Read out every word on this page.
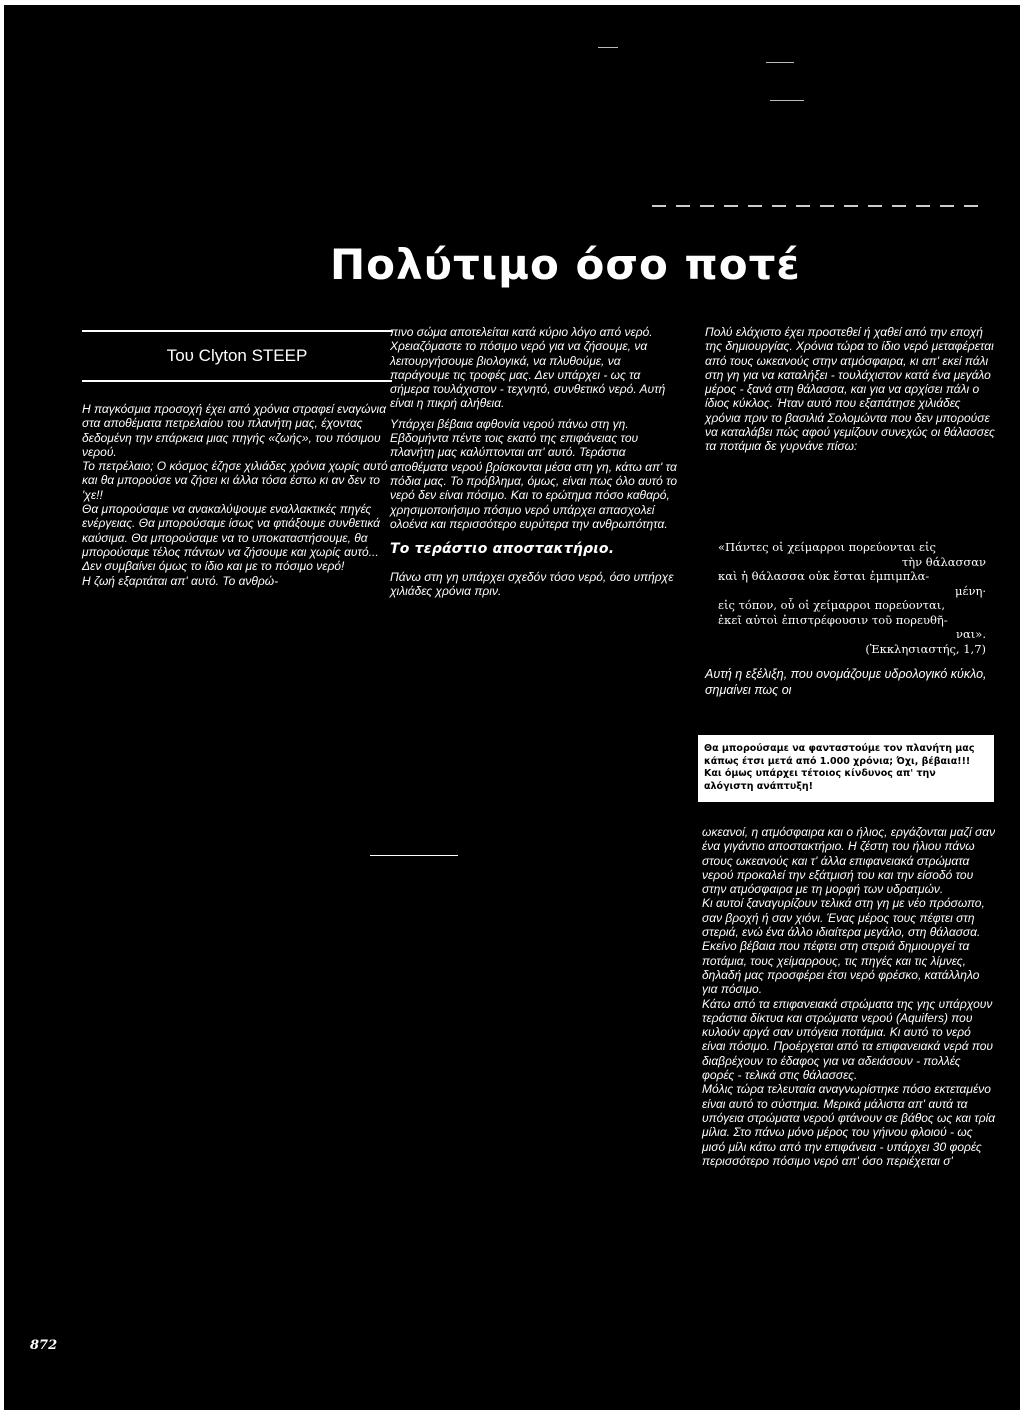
Πολύτιμο όσο ποτέ
Του Clyton STEEP

Η παγκόσμια προσοχή έχει από χρόνια στραφεί εναγώνια στα αποθέματα πετρελαίου του πλανήτη μας, έχοντας δεδομένη την επάρκεια μιας πηγής «ζωής», του πόσιμου νερού.

Το πετρέλαιο; Ο κόσμος έζησε χιλιάδες χρόνια χωρίς αυτό και θα μπορούσε να ζήσει κι άλλα τόσα έστω κι αν δεν το 'χε!!

Θα μπορούσαμε να ανακαλύψουμε εναλλακτικές πηγές ενέργειας. Θα μπορούσαμε ίσως να φτιάξουμε συνθετικά καύσιμα. Θα μπορούσαμε να το υποκαταστήσουμε, θα μπορούσαμε τέλος πάντων να ζήσουμε και χωρίς αυτό...

Δεν συμβαίνει όμως το ίδιο και με το πόσιμο νερό!

Η ζωή εξαρτάται απ' αυτό. Το ανθρώ-

πινο σώμα αποτελείται κατά κύριο λόγο από νερό. Χρειαζόμαστε το πόσιμο νερό για να ζήσουμε, να λειτουργήσουμε βιολογικά, να πλυθούμε, να παράγουμε τις τροφές μας. Δεν υπάρχει - ως τα σήμερα τουλάχιστον - τεχνητό, συνθετικό νερό. Αυτή είναι η πικρή αλήθεια.

Υπάρχει βέβαια αφθονία νερού πάνω στη γη. Εβδομήντα πέντε τοις εκατό της επιφάνειας του πλανήτη μας καλύπτονται απ' αυτό. Τεράστια αποθέματα νερού βρίσκονται μέσα στη γη, κάτω απ' τα πόδια μας. Το πρόβλημα, όμως, είναι πως όλο αυτό το νερό δεν είναι πόσιμο. Και το ερώτημα πόσο καθαρό, χρησιμοποιήσιμο πόσιμο νερό υπάρχει απασχολεί ολοένα και περισσότερο ευρύτερα την ανθρωπότητα.

Το τεράστιο αποστακτήριο.

Πάνω στη γη υπάρχει σχεδόν τόσο νερό, όσο υπήρχε χιλιάδες χρόνια πριν.

Πολύ ελάχιστο έχει προστεθεί ή χαθεί από την εποχή της δημιουργίας. Χρόνια τώρα το ίδιο νερό μεταφέρεται από τους ωκεανούς στην ατμόσφαιρα, κι απ' εκεί πάλι στη γη για να καταλήξει - τουλάχιστον κατά ένα μεγάλο μέρος - ξανά στη θάλασσα, και για να αρχίσει πάλι ο ίδιος κύκλος. Ήταν αυτό που εξαπάτησε χιλιάδες χρόνια πριν το βασιλιά Σολομώντα που δεν μπορούσε να καταλάβει πώς αφού γεμίζουν συνεχώς οι θάλασσες τα ποτάμια δε γυρνάνε πίσω:

«Πάντες οἱ χείμαρροι πορεύονται εἰς

τὴν θάλασσαν

καὶ ἡ θάλασσα οὐκ ἔσται ἐμπιμπλα-

μένη·

εἰς τόπον, οὗ οἱ χείμαρροι πορεύονται,

ἐκεῖ αὐτοὶ ἐπιστρέφουσιν τοῦ πορευθῆ-

ναι».

(Ἐκκλησιαστής, 1,7)

Αυτή η εξέλιξη, που ονομάζουμε υδρολογικό κύκλο, σημαίνει πως οι

Θα μπορούσαμε να φανταστούμε τον πλανήτη μας κάπως έτσι μετά από 1.000 χρόνια; Όχι, βέβαια!!! Και όμως υπάρχει τέτοιος κίνδυνος απ' την αλόγιστη ανάπτυξη!

ωκεανοί, η ατμόσφαιρα και ο ήλιος, εργάζονται μαζί σαν ένα γιγάντιο αποστακτήριο. Η ζέστη του ήλιου πάνω στους ωκεανούς και τ' άλλα επιφανειακά στρώματα νερού προκαλεί την εξάτμισή του και την είσοδό του στην ατμόσφαιρα με τη μορφή των υδρατμών.

Κι αυτοί ξαναγυρίζουν τελικά στη γη με νέο πρόσωπο, σαν βροχή ή σαν χιόνι. Ένας μέρος τους πέφτει στη στεριά, ενώ ένα άλλο ιδιαίτερα μεγάλο, στη θάλασσα. Εκείνο βέβαια που πέφτει στη στεριά δημιουργεί τα ποτάμια, τους χείμαρρους, τις πηγές και τις λίμνες, δηλαδή μας προσφέρει έτσι νερό φρέσκο, κατάλληλο για πόσιμο.

Κάτω από τα επιφανειακά στρώματα της γης υπάρχουν τεράστια δίκτυα και στρώματα νερού (Aquifers) που κυλούν αργά σαν υπόγεια ποτάμια. Κι αυτό το νερό είναι πόσιμο. Προέρχεται από τα επιφανειακά νερά που διαβρέχουν το έδαφος για να αδειάσουν - πολλές φορές - τελικά στις θάλασσες.

Μόλις τώρα τελευταία αναγνωρίστηκε πόσο εκτεταμένο είναι αυτό το σύστημα. Μερικά μάλιστα απ' αυτά τα υπόγεια στρώματα νερού φτάνουν σε βάθος ως και τρία μίλια. Στο πάνω μόνο μέρος του γήινου φλοιού - ως μισό μίλι κάτω από την επιφάνεια - υπάρχει 30 φορές περισσότερο πόσιμο νερό απ' όσο περιέχεται σ'

872
